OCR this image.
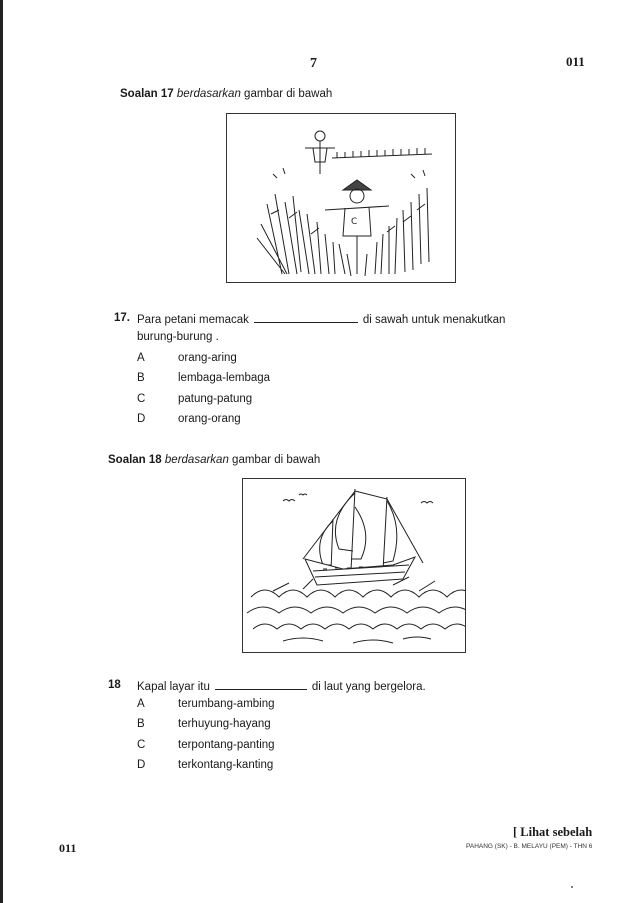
7	011
Soalan 17 berdasarkan gambar di bawah
C
17. Para petani memacak	di sawah untuk menakutkan
burung-burung .
A	orang-aring
B	lembaga-lembaga
C	patung-patung
D	orang-orang
Soalan 18 berdasarkan gambar di bawah
18 Kapal layar itu	di laut yang bergelora.
A	terumbang-ambing
B	terhuyung-hayang
C	terpontang-panting
D	terkontang-kanting
[ Lihat sebelah
PAHANG (SK) - B. MELAYU (PEM) - THN 6
011
